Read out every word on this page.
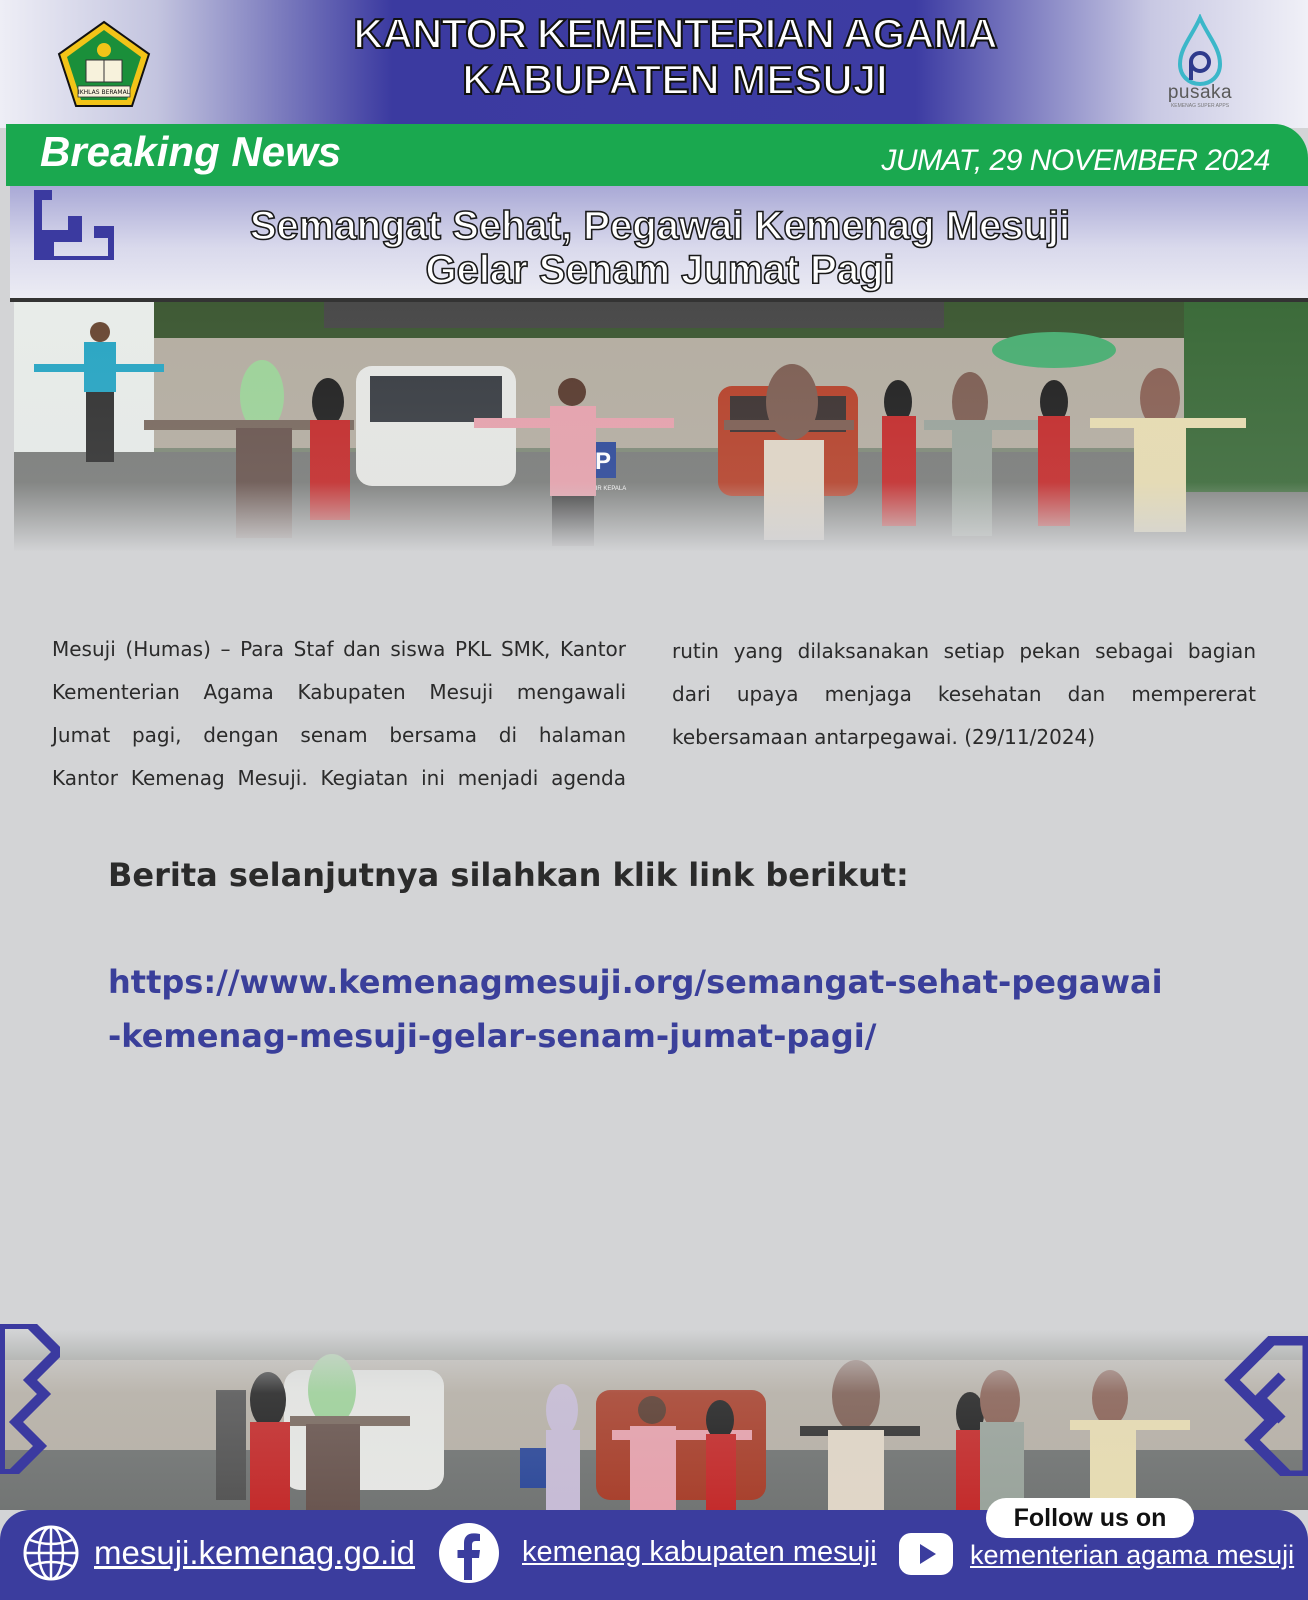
IKHLAS BERAMAL
KANTOR KEMENTERIAN AGAMA
KABUPATEN MESUJI	pusaka
KEMENAG SUPER APPS
Breaking News	JUMAT, 29 NOVEMBER 2024
Semangat Sehat, Pegawai Kemenag Mesuji
Gelar Senam Jumat Pagi
Mesuji (Humas) – Para Staf dan siswa PKL SMK, Kantor
Kementerian Agama Kabupaten Mesuji mengawali
Jumat pagi, dengan senam bersama di halaman
Kantor Kemenag Mesuji. Kegiatan ini menjadi agenda
rutin yang dilaksanakan setiap pekan sebagai bagian
dari upaya menjaga kesehatan dan mempererat
kebersamaan antarpegawai. (29/11/2024)
Berita selanjutnya silahkan klik link berikut:
https://www.kemenagmesuji.org/semangat-sehat-pegawai
-kemenag-mesuji-gelar-senam-jumat-pagi/
Follow us on
mesuji.kemenag.go.id	kemenag kabupaten mesuji	kementerian agama mesuji
